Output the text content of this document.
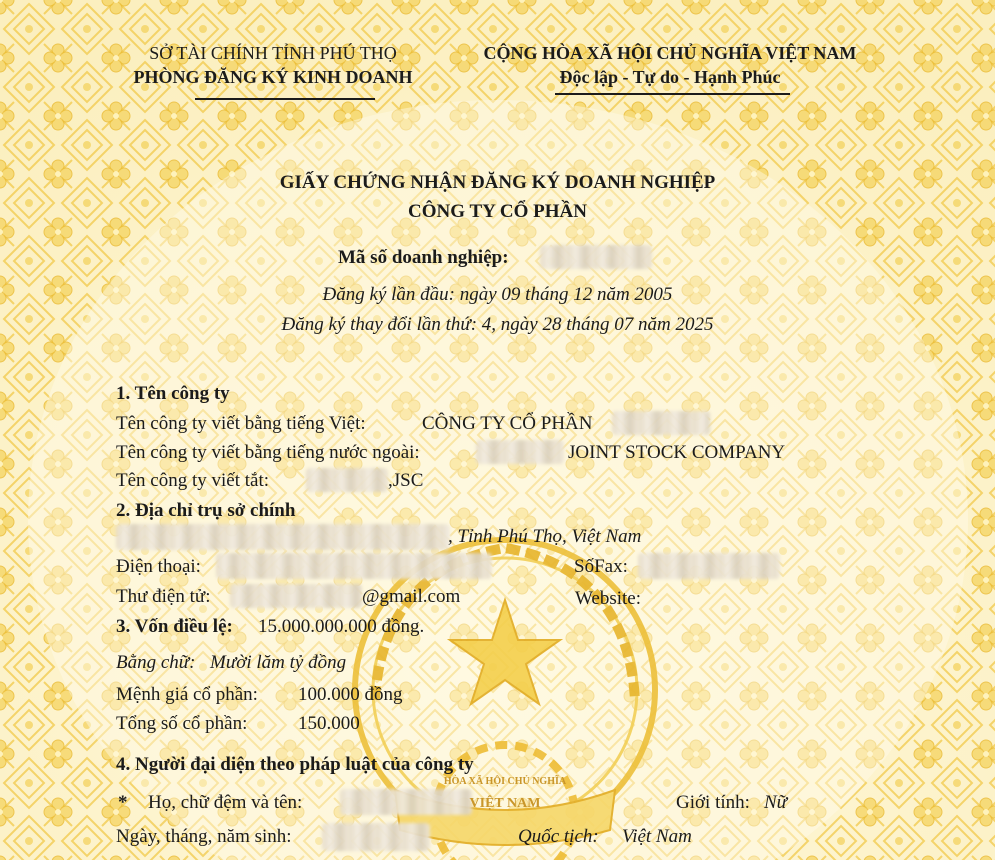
SỞ TÀI CHÍNH TỈNH PHÚ THỌ
PHÒNG ĐĂNG KÝ KINH DOANH
CỘNG HÒA XÃ HỘI CHỦ NGHĨA VIỆT NAM
Độc lập - Tự do - Hạnh Phúc
GIẤY CHỨNG NHẬN ĐĂNG KÝ DOANH NGHIỆP
CÔNG TY CỔ PHẦN
Mã số doanh nghiệp:
Đăng ký lần đầu: ngày 09 tháng 12 năm 2005
Đăng ký thay đổi lần thứ: 4, ngày 28 tháng 07 năm 2025
1. Tên công ty
Tên công ty viết bằng tiếng Việt:	CÔNG TY CỔ PHẦN
Tên công ty viết bằng tiếng nước ngoài:	JOINT STOCK COMPANY
Tên công ty viết tắt:	,JSC
2. Địa chỉ trụ sở chính
, Tỉnh Phú Thọ, Việt Nam
Điện thoại:	SốFax:
Thư điện tử:	@gmail.com	Website:
3. Vốn điều lệ: 15.000.000.000 đồng.
Bằng chữ: Mười lăm tỷ đồng
Mệnh giá cổ phần: 100.000 đồng
Tổng số cổ phần:	150.000
4. Người đại diện theo pháp luật của công ty
* Họ, chữ đệm và tên:	Giới tính: Nữ
Ngày, tháng, năm sinh:	Quốc tịch: Việt Nam
HÒA XÃ HỘI CHỦ NGHĨA
VIỆT NAM
